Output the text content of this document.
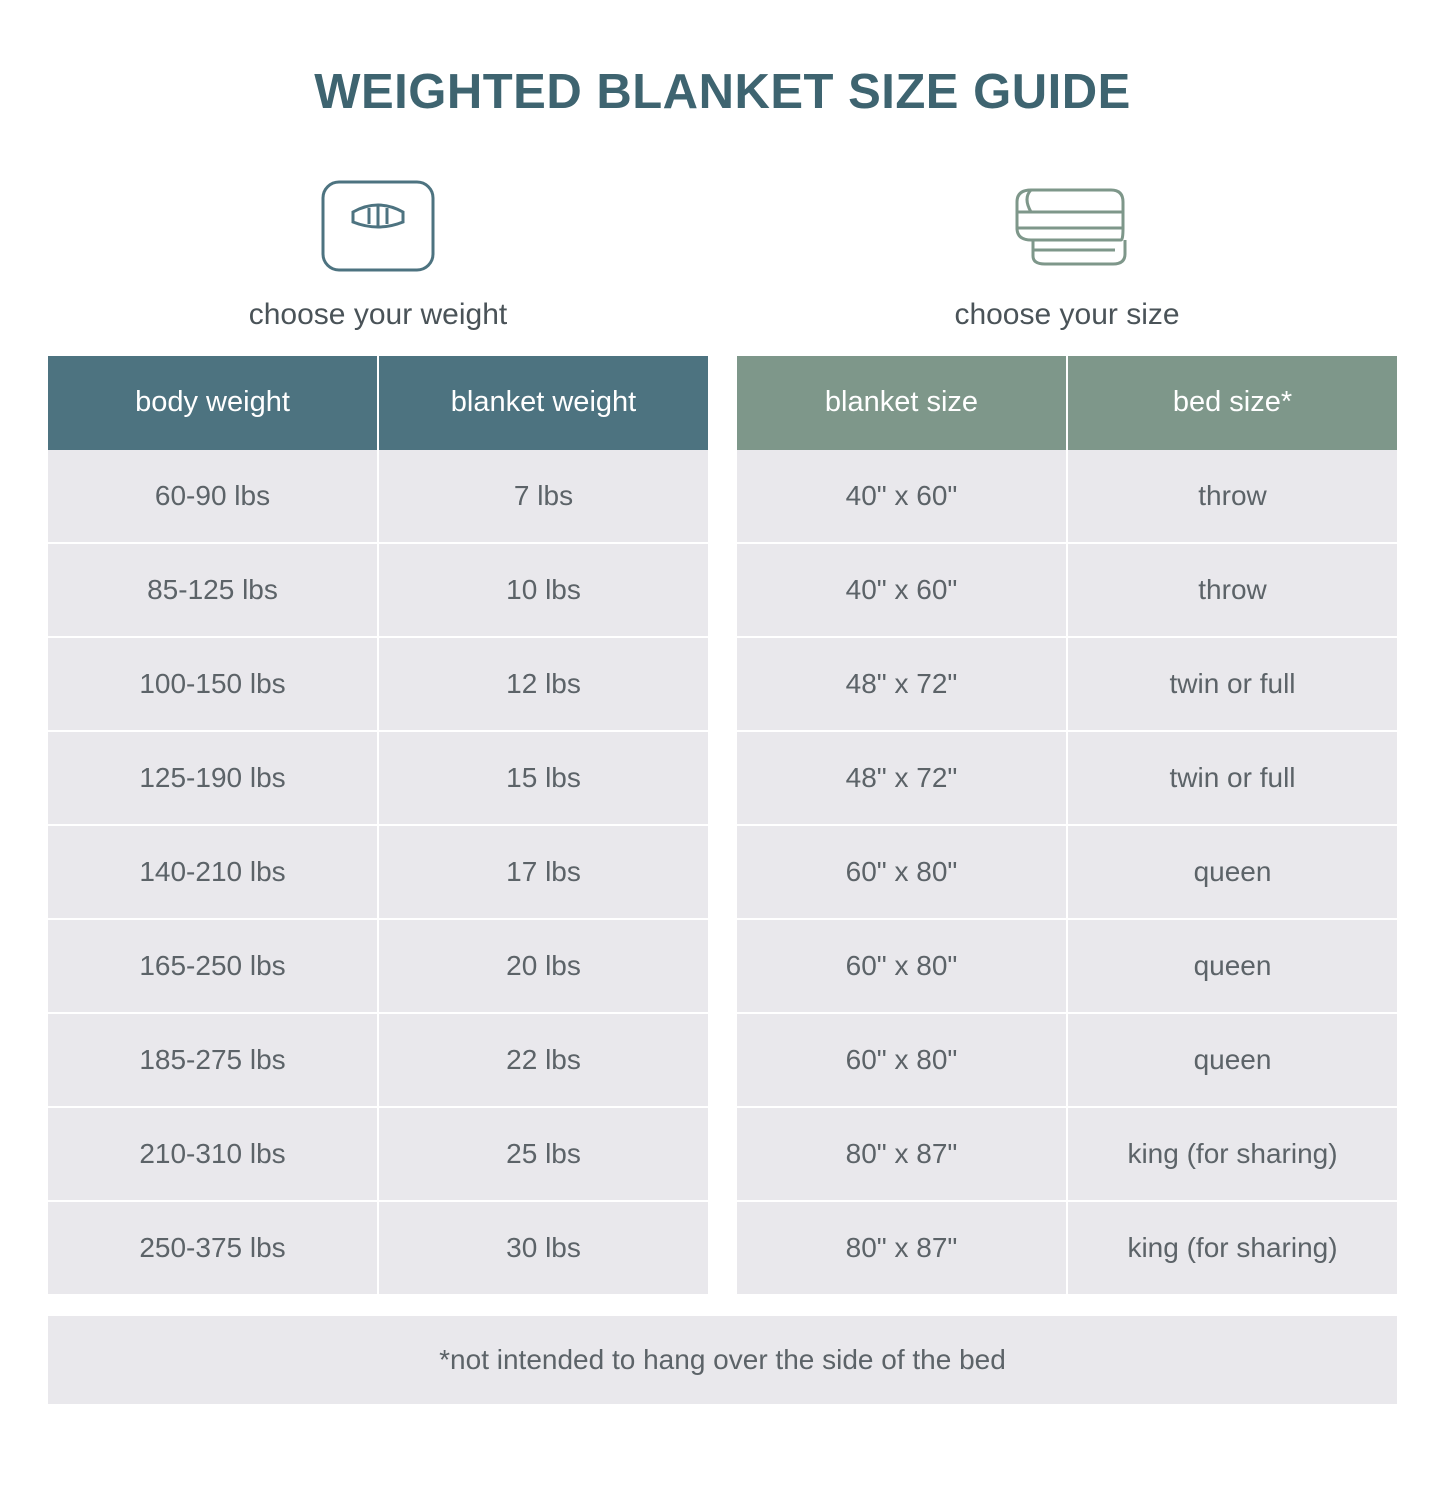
WEIGHTED BLANKET SIZE GUIDE
choose your weight
body weight	blanket weight
60-90 lbs	7 lbs
85-125 lbs	10 lbs
100-150 lbs	12 lbs
125-190 lbs	15 lbs
140-210 lbs	17 lbs
165-250 lbs	20 lbs
185-275 lbs	22 lbs
210-310 lbs	25 lbs
250-375 lbs	30 lbs
choose your size
blanket size	bed size*
40" x 60"	throw
40" x 60"	throw
48" x 72"	twin or full
48" x 72"	twin or full
60" x 80"	queen
60" x 80"	queen
60" x 80"	queen
80" x 87"	king (for sharing)
80" x 87"	king (for sharing)
*not intended to hang over the side of the bed
